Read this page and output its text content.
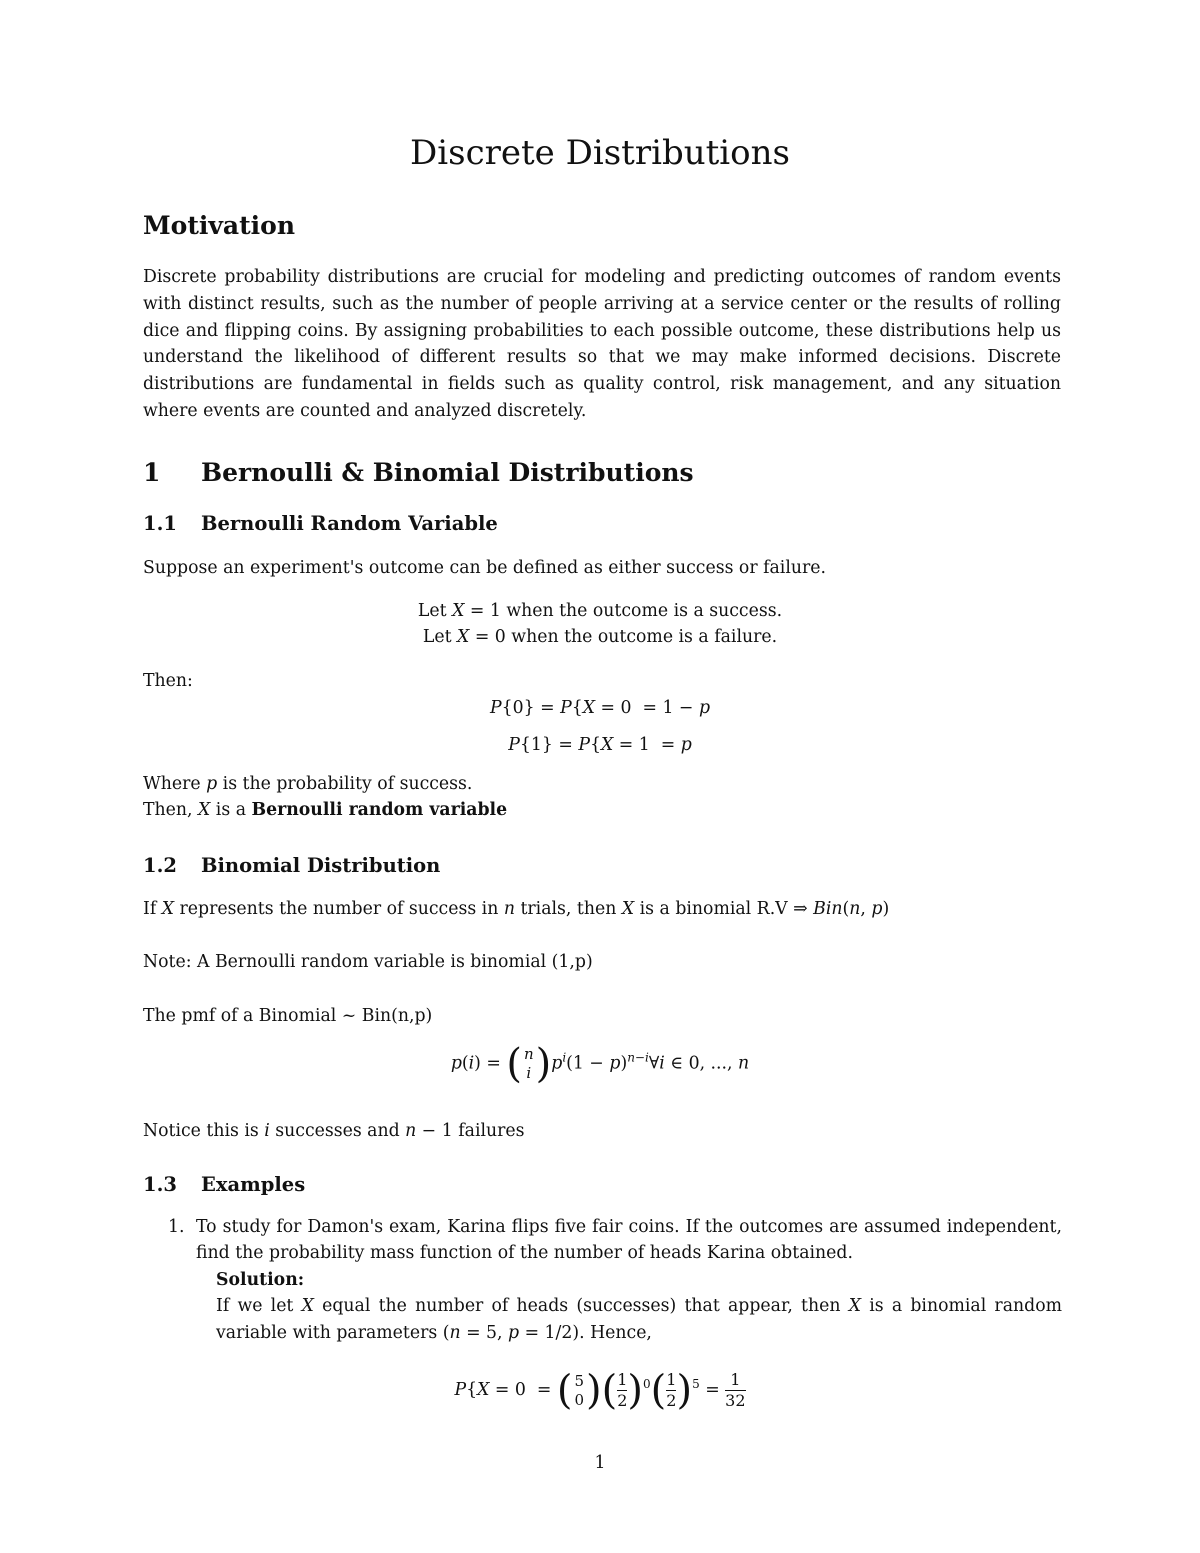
Discrete Distributions
Motivation

Discrete probability distributions are crucial for modeling and predicting outcomes of random events with distinct results, such as the number of people arriving at a service center or the results of rolling dice and flipping coins. By assigning probabilities to each possible outcome, these distributions help us understand the likelihood of different results so that we may make informed decisions. Discrete distributions are fundamental in fields such as quality control, risk management, and any situation where events are counted and analyzed discretely.

1 Bernoulli & Binomial Distributions
1.1 Bernoulli Random Variable

Suppose an experiment's outcome can be defined as either success or failure.

Let X = 1 when the outcome is a success.
Let X = 0 when the outcome is a failure.

Then:

P{0} = P{X = 0  = 1 − p
P{1} = P{X = 1  = p

Where p is the probability of success.

Then, X is a Bernoulli random variable

1.2 Binomial Distribution

If X represents the number of success in n trials, then X is a binomial R.V ⇒ Bin(n, p)

Note: A Bernoulli random variable is binomial (1,p)

The pmf of a Binomial ~ Bin(n,p)

p(i) = ( n
i )$p^i(1$ − $p)^{n-i}\forall i$ ∈ 0, ..., n

Notice this is i successes and n − 1 failures

1.3 Examples
1. To study for Damon's exam, Karina flips five fair coins. If the outcomes are assumed independent, find the probability mass function of the number of heads Karina obtained.
Solution:
If we let X equal the number of heads (successes) that appear, then X is a binomial random variable with parameters (n = 5, p = 1/2). Hence,
P{X = 0  = ( 5
0 )( $\frac{1}{2} )^0( \frac{1}{2} )^5 = \frac{1}{32}$
1
